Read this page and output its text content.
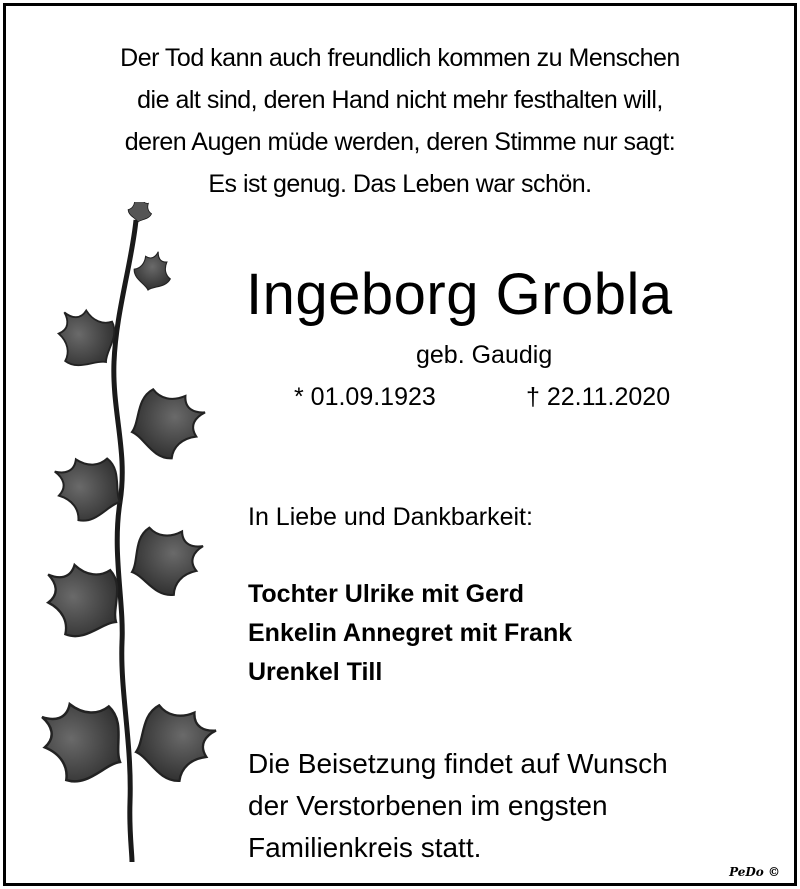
Der Tod kann auch freundlich kommen zu Menschen
die alt sind, deren Hand nicht mehr festhalten will,
deren Augen müde werden, deren Stimme nur sagt:
Es ist genug. Das Leben war schön.
Ingeborg Grobla
geb. Gaudig
* 01.09.1923	† 22.11.2020
In Liebe und Dankbarkeit:
Tochter Ulrike mit Gerd
Enkelin Annegret mit Frank
Urenkel Till
Die Beisetzung findet auf Wunsch
der Verstorbenen im engsten
Familienkreis statt.
PeDo ©
